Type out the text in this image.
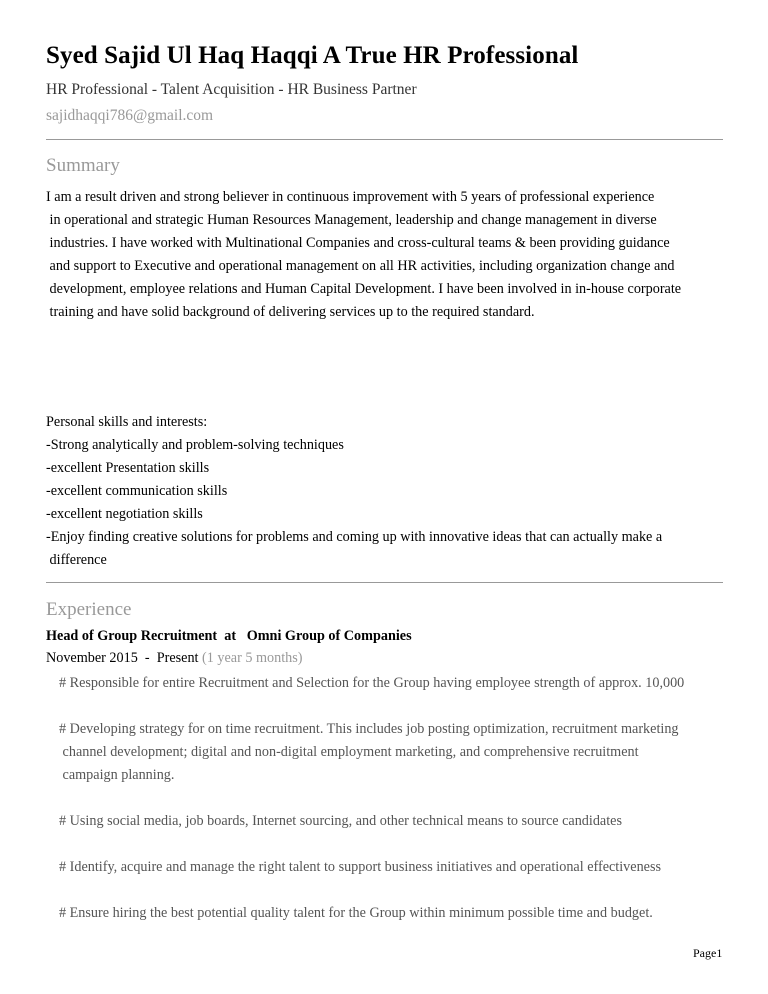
Syed Sajid Ul Haq Haqqi A True HR Professional
HR Professional - Talent Acquisition - HR Business Partner
sajidhaqqi786@gmail.com
Summary
I am a result driven and strong believer in continuous improvement with 5 years of professional experience
in operational and strategic Human Resources Management, leadership and change management in diverse
industries. I have worked with Multinational Companies and cross-cultural teams & been providing guidance
and support to Executive and operational management on all HR activities, including organization change and
development, employee relations and Human Capital Development. I have been involved in in-house corporate
training and have solid background of delivering services up to the required standard.
Personal skills and interests:
-Strong analytically and problem-solving techniques
-excellent Presentation skills
-excellent communication skills
-excellent negotiation skills
-Enjoy finding creative solutions for problems and coming up with innovative ideas that can actually make a
difference
Experience
Head of Group Recruitment  at   Omni Group of Companies
November 2015  -  Present (1 year 5 months)
# Responsible for entire Recruitment and Selection for the Group having employee strength of approx. 10,000
# Developing strategy for on time recruitment. This includes job posting optimization, recruitment marketing
channel development; digital and non-digital employment marketing, and comprehensive recruitment
campaign planning.
# Using social media, job boards, Internet sourcing, and other technical means to source candidates
# Identify, acquire and manage the right talent to support business initiatives and operational effectiveness
# Ensure hiring the best potential quality talent for the Group within minimum possible time and budget.
Page1
